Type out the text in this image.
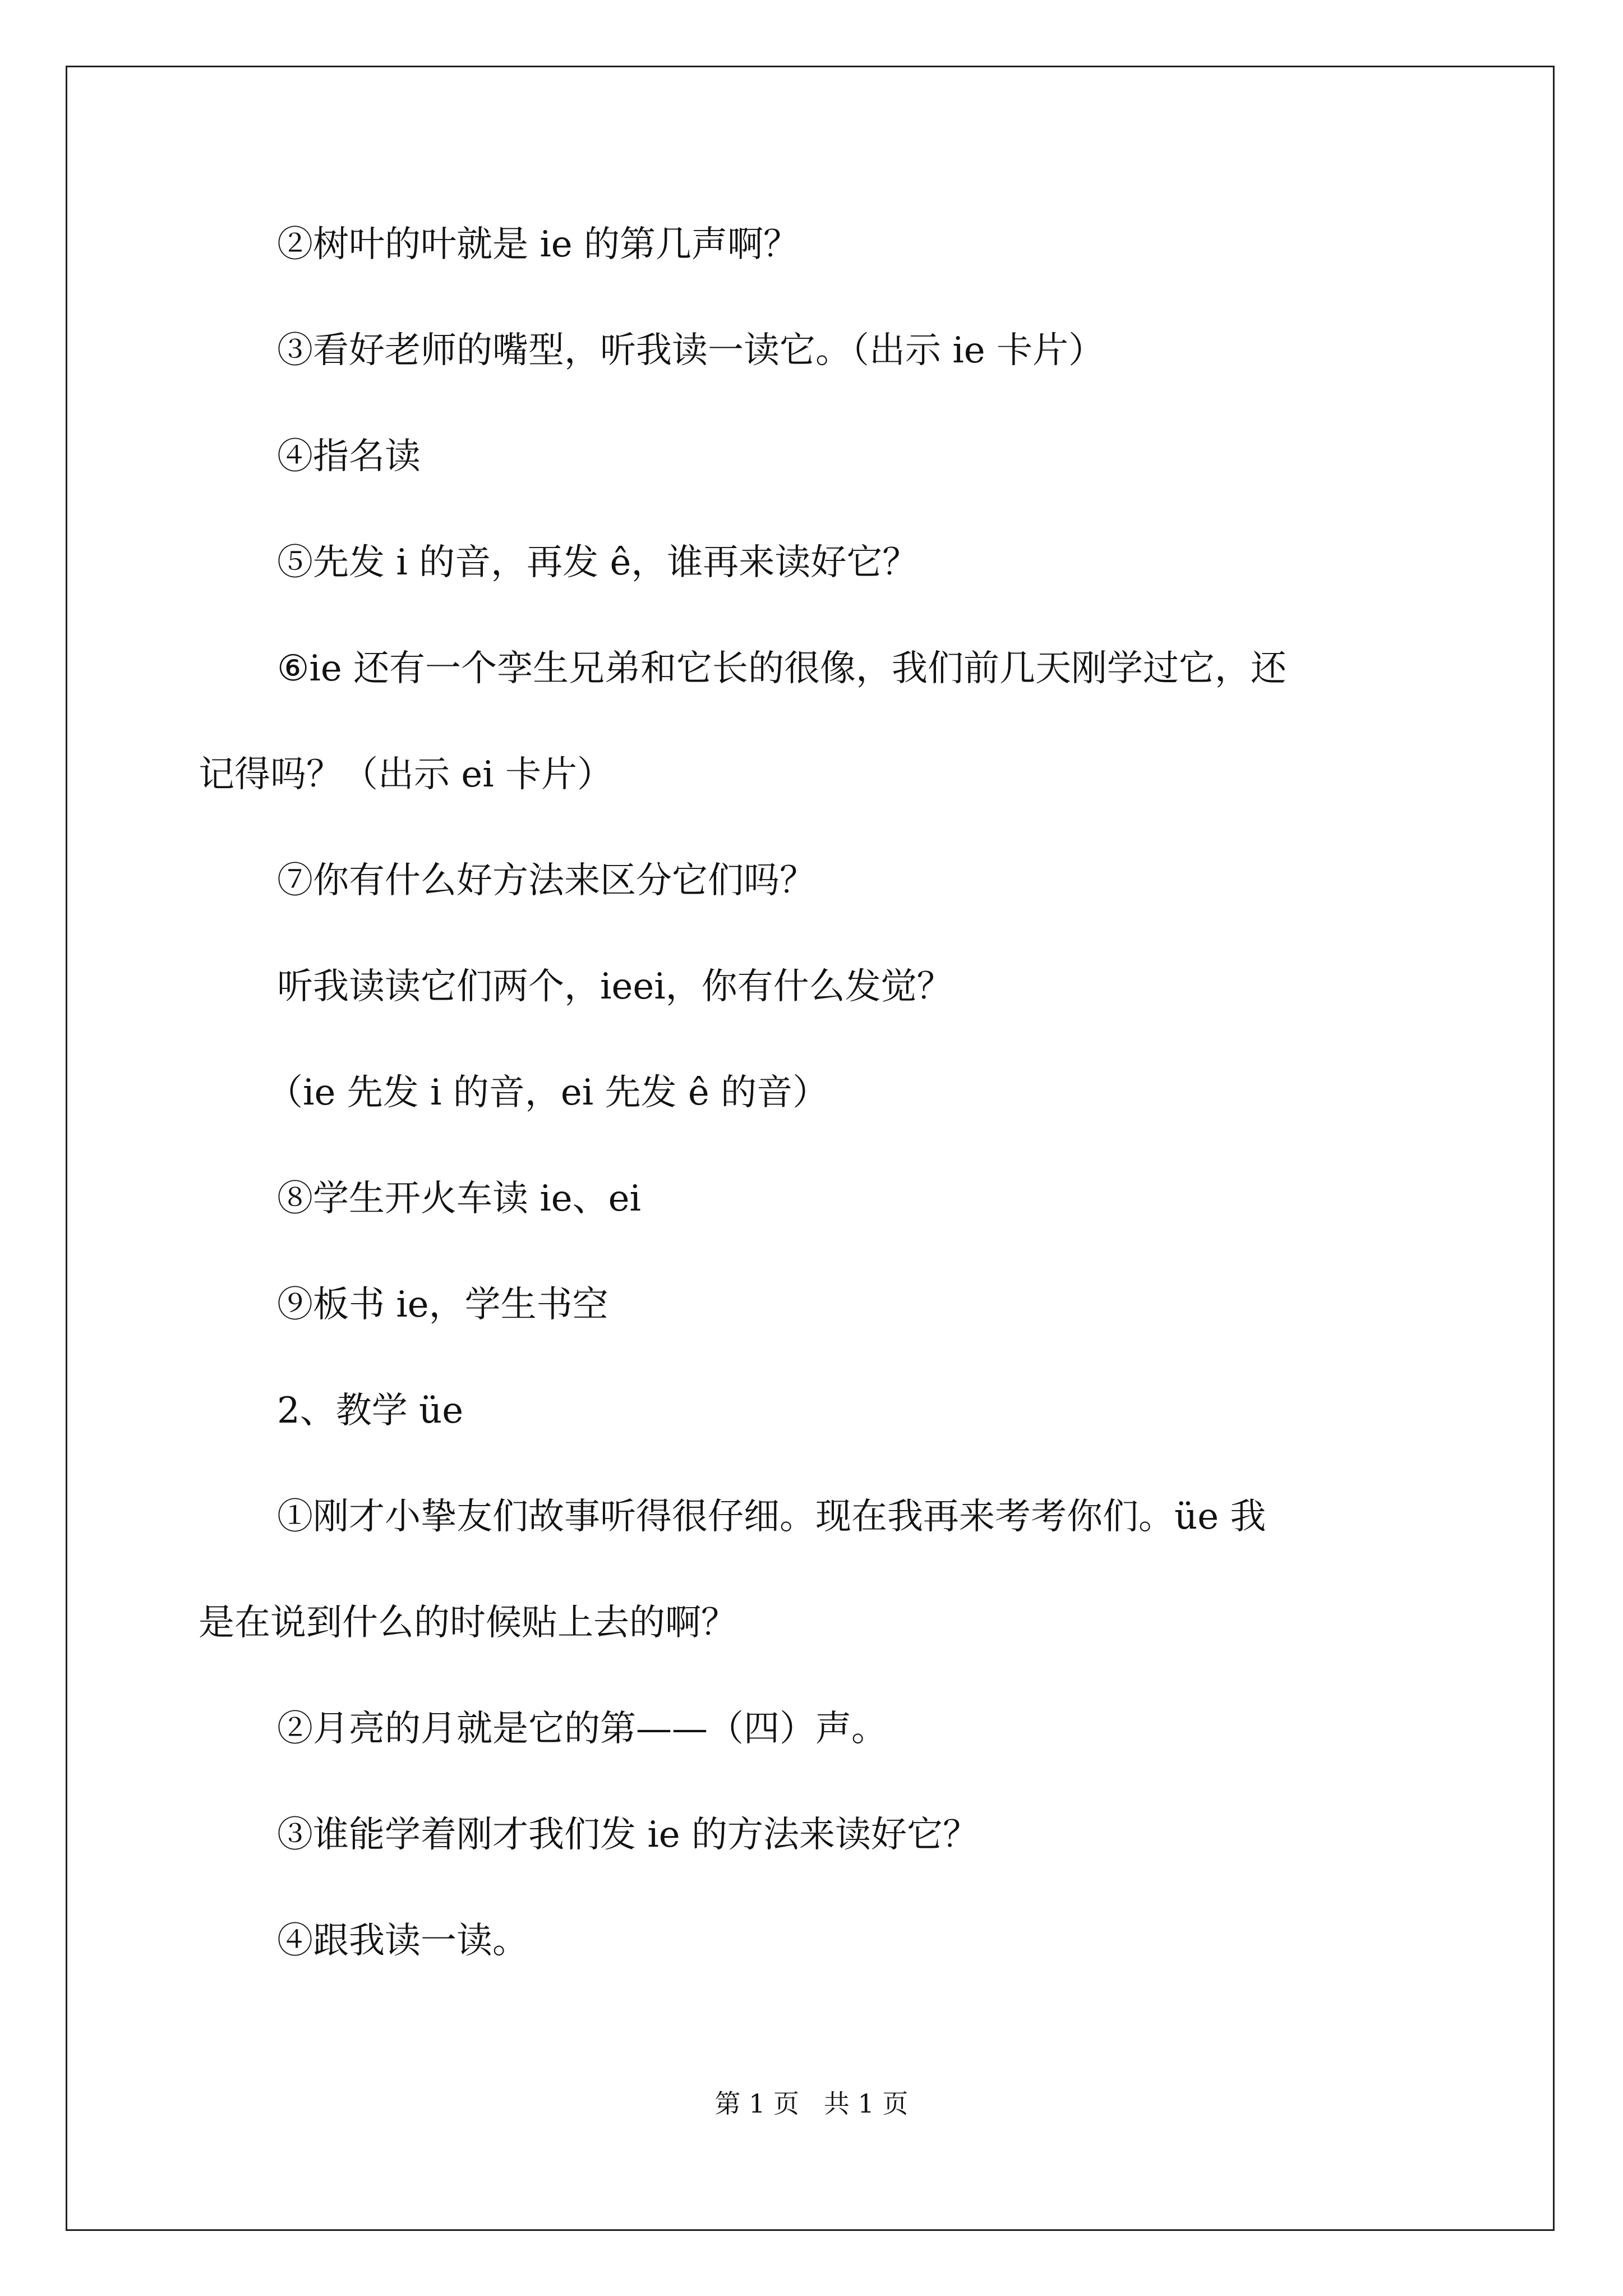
②树叶的叶就是 ie 的第几声啊？

③看好老师的嘴型，听我读一读它。（出示 ie 卡片）

④指名读

⑤先发 i 的音，再发 ê，谁再来读好它？

⑥ie 还有一个孪生兄弟和它长的很像，我们前几天刚学过它，还

记得吗？（出示 ei 卡片）

⑦你有什么好方法来区分它们吗？

听我读读它们两个，ieei，你有什么发觉？

（ie 先发 i 的音，ei 先发 ê 的音）

⑧学生开火车读 ie、ei

⑨板书 ie，学生书空

2、教学 üe

①刚才小挚友们故事听得很仔细。现在我再来考考你们。üe 我

是在说到什么的时候贴上去的啊？

②月亮的月就是它的第——（四）声。

③谁能学着刚才我们发 ie 的方法来读好它？

④跟我读一读。

第 1 页   共 1 页
